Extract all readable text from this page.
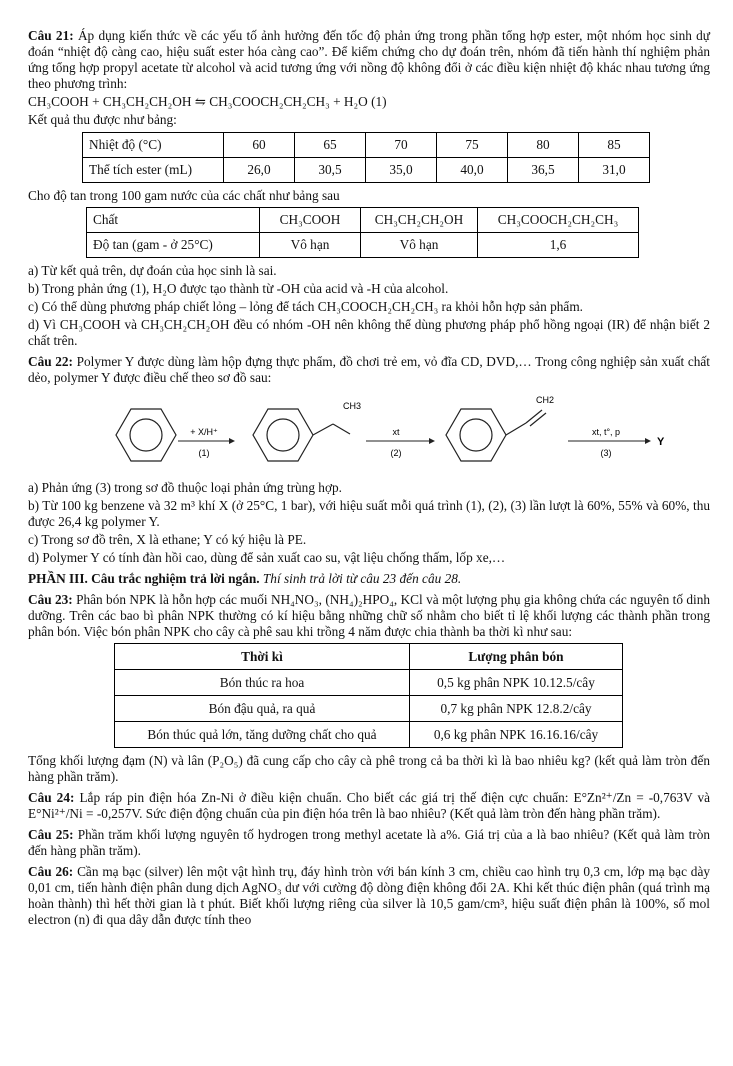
Câu 21: Áp dụng kiến thức về các yếu tố ảnh hưởng đến tốc độ phản ứng trong phần tổng hợp ester, một nhóm học sinh dự đoán “nhiệt độ càng cao, hiệu suất ester hóa càng cao”. Để kiểm chứng cho dự đoán trên, nhóm đã tiến hành thí nghiệm phản ứng tổng hợp propyl acetate từ alcohol và acid tương ứng với nồng độ không đổi ở các điều kiện nhiệt độ khác nhau tương ứng theo phương trình:

CH₃COOH + CH₃CH₂CH₂OH ⇋ CH₃COOCH₂CH₂CH₃ + H₂O (1)

Kết quả thu được như bảng:

Nhiệt độ (°C)	60	65	70	75	80	85
Thể tích ester (mL)	26,0	30,5	35,0	40,0	36,5	31,0

Cho độ tan trong 100 gam nước của các chất như bảng sau

Chất	CH₃COOH	CH₃CH₂CH₂OH	CH₃COOCH₂CH₂CH₃
Độ tan (gam - ở 25°C)	Vô hạn	Vô hạn	1,6

a) Từ kết quả trên, dự đoán của học sinh là sai.

b) Trong phản ứng (1), H₂O được tạo thành từ -OH của acid và -H của alcohol.

c) Có thể dùng phương pháp chiết lỏng – lỏng để tách CH₃COOCH₂CH₂CH₃ ra khỏi hỗn hợp sản phẩm.

d) Vì CH₃COOH và CH₃CH₂CH₂OH đều có nhóm -OH nên không thể dùng phương pháp phổ hồng ngoại (IR) để nhận biết 2 chất trên.

Câu 22: Polymer Y được dùng làm hộp đựng thực phẩm, đồ chơi trẻ em, vỏ đĩa CD, DVD,… Trong công nghiệp sản xuất chất dẻo, polymer Y được điều chế theo sơ đồ sau:

+ X/H⁺
(1)
CH3
xt
(2)
CH2
xt, t°, p
(3)
Y

a) Phản ứng (3) trong sơ đồ thuộc loại phản ứng trùng hợp.

b) Từ 100 kg benzene và 32 m³ khí X (ở 25°C, 1 bar), với hiệu suất mỗi quá trình (1), (2), (3) lần lượt là 60%, 55% và 60%, thu được 26,4 kg polymer Y.

c) Trong sơ đồ trên, X là ethane; Y có ký hiệu là PE.

d) Polymer Y có tính đàn hồi cao, dùng để sản xuất cao su, vật liệu chống thấm, lốp xe,…

PHẦN III. Câu trắc nghiệm trả lời ngắn. Thí sinh trả lời từ câu 23 đến câu 28.

Câu 23: Phân bón NPK là hỗn hợp các muối NH₄NO₃, (NH₄)₂HPO₄, KCl và một lượng phụ gia không chứa các nguyên tố dinh dưỡng. Trên các bao bì phân NPK thường có kí hiệu bằng những chữ số nhằm cho biết tỉ lệ khối lượng các thành phần trong phân bón. Việc bón phân NPK cho cây cà phê sau khi trồng 4 năm được chia thành ba thời kì như sau:

Thời kì	Lượng phân bón
Bón thúc ra hoa	0,5 kg phân NPK 10.12.5/cây
Bón đậu quả, ra quả	0,7 kg phân NPK 12.8.2/cây
Bón thúc quả lớn, tăng dưỡng chất cho quả	0,6 kg phân NPK 16.16.16/cây

Tổng khối lượng đạm (N) và lân (P₂O₅) đã cung cấp cho cây cà phê trong cả ba thời kì là bao nhiêu kg? (kết quả làm tròn đến hàng phần trăm).

Câu 24: Lắp ráp pin điện hóa Zn-Ni ở điều kiện chuẩn. Cho biết các giá trị thế điện cực chuẩn: E°Zn²⁺/Zn = -0,763V và E°Ni²⁺/Ni = -0,257V. Sức điện động chuẩn của pin điện hóa trên là bao nhiêu? (Kết quả làm tròn đến hàng phần trăm).

Câu 25: Phần trăm khối lượng nguyên tố hydrogen trong methyl acetate là a%. Giá trị của a là bao nhiêu? (Kết quả làm tròn đến hàng phần trăm).

Câu 26: Cần mạ bạc (silver) lên một vật hình trụ, đáy hình tròn với bán kính 3 cm, chiều cao hình trụ 0,3 cm, lớp mạ bạc dày 0,01 cm, tiến hành điện phân dung dịch AgNO₃ dư với cường độ dòng điện không đổi 2A. Khi kết thúc điện phân (quá trình mạ hoàn thành) thì hết thời gian là t phút. Biết khối lượng riêng của silver là 10,5 gam/cm³, hiệu suất điện phân là 100%, số mol electron (n) đi qua dây dẫn được tính theo
